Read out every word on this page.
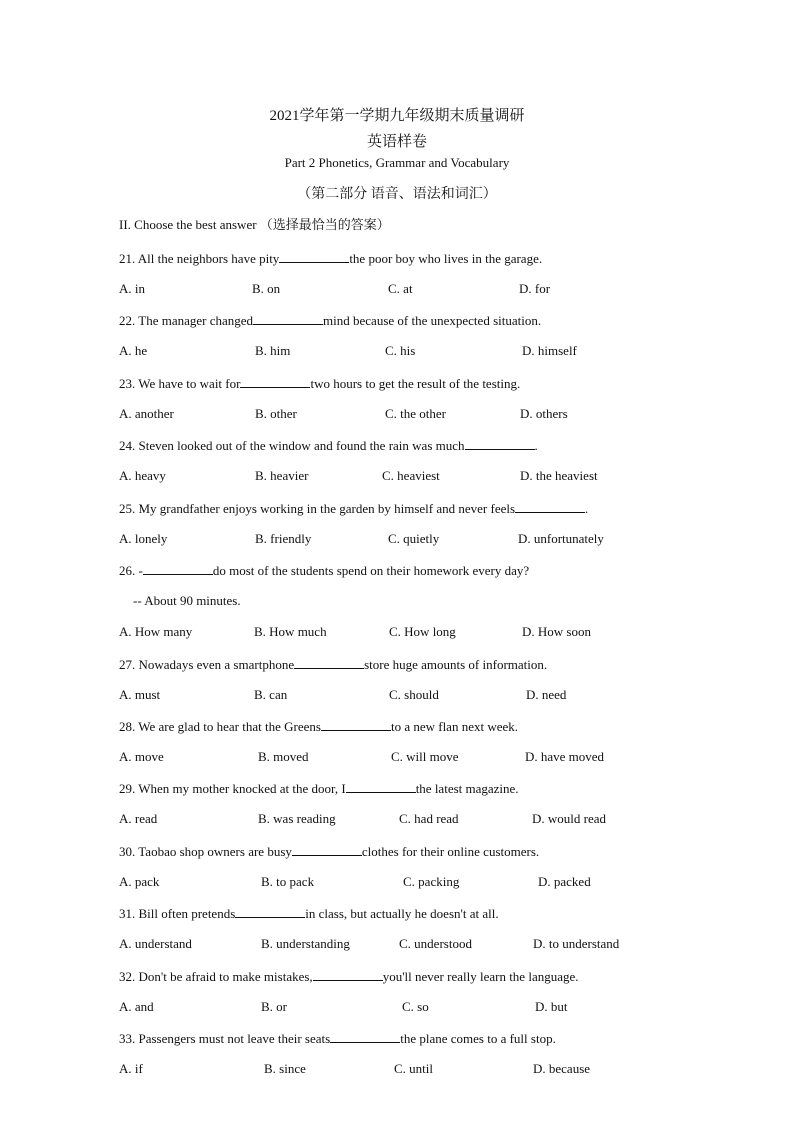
2021学年第一学期九年级期末质量调研
英语样卷
Part 2 Phonetics, Grammar and Vocabulary
（第二部分 语音、语法和词汇）
II. Choose the best answer （选择最恰当的答案）
21. All the neighbors have pity	the poor boy who lives in the garage.
A. in	B. on	C. at	D. for
22. The manager changed	mind because of the unexpected situation.
A. he	B. him	C. his	D. himself
23. We have to wait for	two hours to get the result of the testing.
A. another	B. other	C. the other	D. others
24. Steven looked out of the window and found the rain was much	.
A. heavy	B. heavier	C. heaviest	D. the heaviest
25. My grandfather enjoys working in the garden by himself and never feels	.
A. lonely	B. friendly	C. quietly	D. unfortunately
26. -	do most of the students spend on their homework every day?
-- About 90 minutes.
A. How many	B. How much	C. How long	D. How soon
27. Nowadays even a smartphone	store huge amounts of information.
A. must	B. can	C. should	D. need
28. We are glad to hear that the Greens	to a new flan next week.
A. move	B. moved	C. will move	D. have moved
29. When my mother knocked at the door, I	the latest magazine.
A. read	B. was reading	C. had read	D. would read
30. Taobao shop owners are busy	clothes for their online customers.
A. pack	B. to pack	C. packing	D. packed
31. Bill often pretends	in class, but actually he doesn't at all.
A. understand	B. understanding	C. understood	D. to understand
32. Don't be afraid to make mistakes,	you'll never really learn the language.
A. and	B. or	C. so	D. but
33. Passengers must not leave their seats	the plane comes to a full stop.
A. if	B. since	C. until	D. because
